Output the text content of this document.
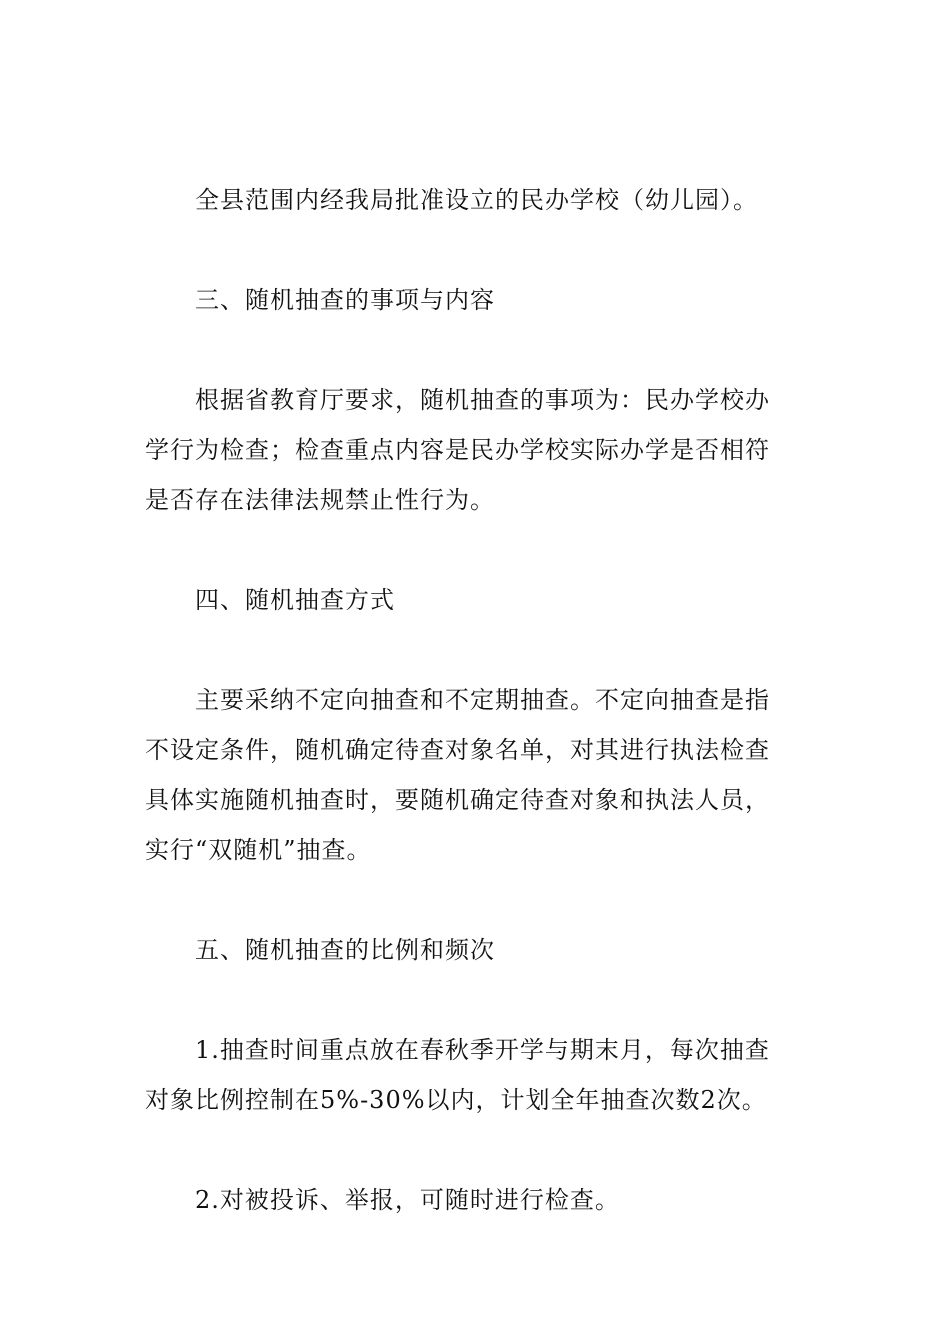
全县范围内经我局批准设立的民办学校（幼儿园）。
三、随机抽查的事项与内容
根据省教育厅要求，随机抽查的事项为：民办学校办
学行为检查；检查重点内容是民办学校实际办学是否相符
是否存在法律法规禁止性行为。
四、随机抽查方式
主要采纳不定向抽查和不定期抽查。不定向抽查是指
不设定条件，随机确定待查对象名单，对其进行执法检查
具体实施随机抽查时，要随机确定待查对象和执法人员，
实行“双随机”抽查。
五、随机抽查的比例和频次
1.抽查时间重点放在春秋季开学与期末月，每次抽查
对象比例控制在5%-30%以内，计划全年抽查次数2次。
2.对被投诉、举报，可随时进行检查。
